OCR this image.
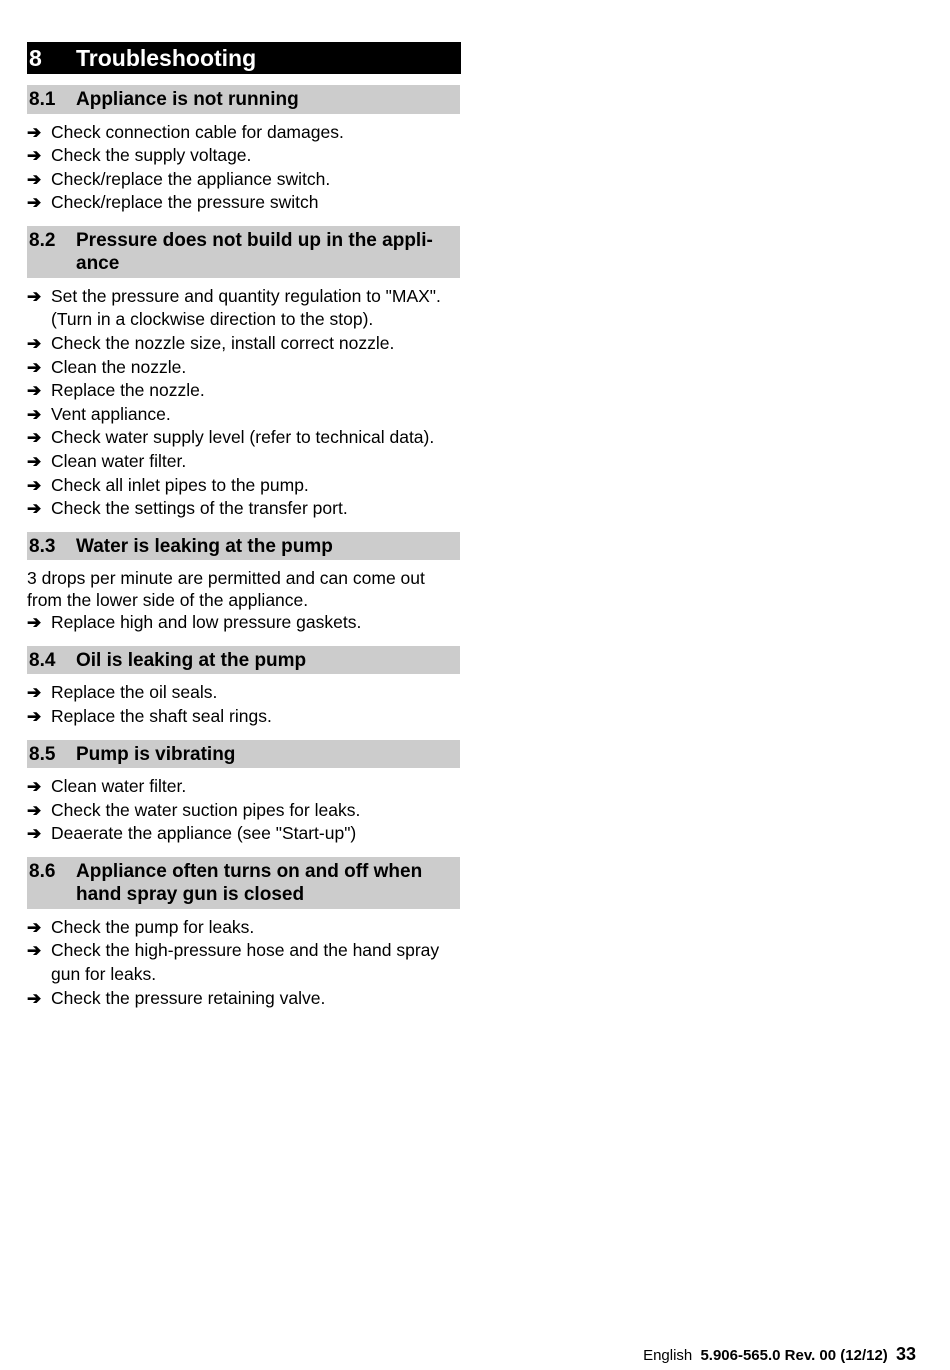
8	Troubleshooting
8.1	Appliance is not running
➔ Check connection cable for damages.
➔ Check the supply voltage.
➔ Check/replace the appliance switch.
➔ Check/replace the pressure switch
8.2	Pressure does not build up in the appli-ance
➔ Set the pressure and quantity regulation to "MAX". (Turn in a clockwise direction to the stop).
➔ Check the nozzle size, install correct nozzle.
➔ Clean the nozzle.
➔ Replace the nozzle.
➔ Vent appliance.
➔ Check water supply level (refer to technical data).
➔ Clean water filter.
➔ Check all inlet pipes to the pump.
➔ Check the settings of the transfer port.
8.3	Water is leaking at the pump
3 drops per minute are permitted and can come out from the lower side of the appliance.
➔ Replace high and low pressure gaskets.
8.4	Oil is leaking at the pump
➔ Replace the oil seals.
➔ Replace the shaft seal rings.
8.5	Pump is vibrating
➔ Clean water filter.
➔ Check the water suction pipes for leaks.
➔ Deaerate the appliance (see "Start-up")
8.6	Appliance often turns on and off when hand spray gun is closed
➔ Check the pump for leaks.
➔ Check the high-pressure hose and the hand spray gun for leaks.
➔ Check the pressure retaining valve.
English 5.906-565.0 Rev. 00 (12/12) 33
